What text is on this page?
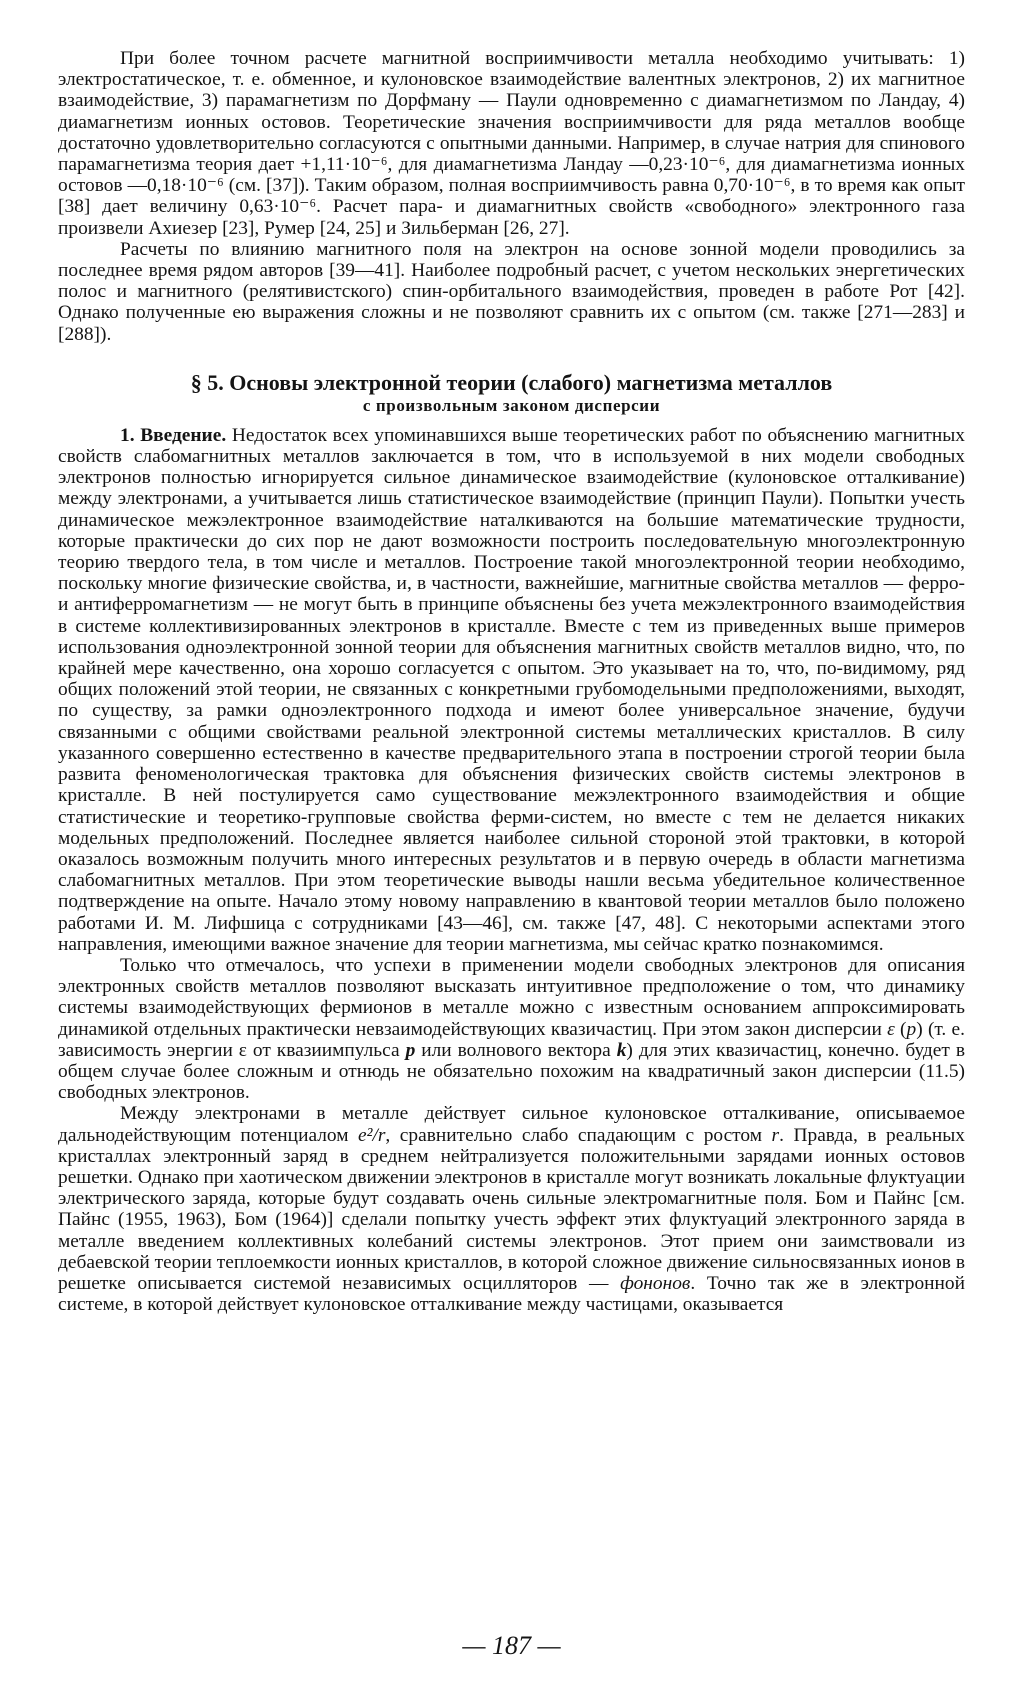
При более точном расчете магнитной восприимчивости металла необходимо учитывать: 1) электростатическое, т. е. обменное, и кулоновское взаимодействие валентных электронов, 2) их магнитное взаимодействие, 3) парамагнетизм по Дорфману — Паули одновременно с диамагнетизмом по Ландау, 4) диамагнетизм ионных остовов. Теоретические значения восприимчивости для ряда металлов вообще достаточно удовлетворительно согласуются с опытными данными. Например, в случае натрия для спинового парамагнетизма теория дает +1,11·10⁻⁶, для диамагнетизма Ландау —0,23·10⁻⁶, для диамагнетизма ионных остовов —0,18·10⁻⁶ (см. [37]). Таким образом, полная восприимчивость равна 0,70·10⁻⁶, в то время как опыт [38] дает величину 0,63·10⁻⁶. Расчет пара- и диамагнитных свойств «свободного» электронного газа произвели Ахиезер [23], Румер [24, 25] и Зильберман [26, 27].

Расчеты по влиянию магнитного поля на электрон на основе зонной модели проводились за последнее время рядом авторов [39—41]. Наиболее подробный расчет, с учетом нескольких энергетических полос и магнитного (релятивистского) спин-орбитального взаимодействия, проведен в работе Рот [42]. Однако полученные ею выражения сложны и не позволяют сравнить их с опытом (см. также [271—283] и [288]).

§ 5. Основы электронной теории (слабого) магнетизма металлов
с произвольным законом дисперсии

1. Введение. Недостаток всех упоминавшихся выше теоретических работ по объяснению магнитных свойств слабомагнитных металлов заключается в том, что в используемой в них модели свободных электронов полностью игнорируется сильное динамическое взаимодействие (кулоновское отталкивание) между электронами, а учитывается лишь статистическое взаимодействие (принцип Паули). Попытки учесть динамическое межэлектронное взаимодействие наталкиваются на большие математические трудности, которые практически до сих пор не дают возможности построить последовательную многоэлектронную теорию твердого тела, в том числе и металлов. Построение такой многоэлектронной теории необходимо, поскольку многие физические свойства, и, в частности, важнейшие, магнитные свойства металлов — ферро- и антиферромагнетизм — не могут быть в принципе объяснены без учета межэлектронного взаимодействия в системе коллективизированных электронов в кристалле. Вместе с тем из приведенных выше примеров использования одноэлектронной зонной теории для объяснения магнитных свойств металлов видно, что, по крайней мере качественно, она хорошо согласуется с опытом. Это указывает на то, что, по-видимому, ряд общих положений этой теории, не связанных с конкретными грубомодельными предположениями, выходят, по существу, за рамки одноэлектронного подхода и имеют более универсальное значение, будучи связанными с общими свойствами реальной электронной системы металлических кристаллов. В силу указанного совершенно естественно в качестве предварительного этапа в построении строгой теории была развита феноменологическая трактовка для объяснения физических свойств системы электронов в кристалле. В ней постулируется само существование межэлектронного взаимодействия и общие статистические и теоретико-групповые свойства ферми-систем, но вместе с тем не делается никаких модельных предположений. Последнее является наиболее сильной стороной этой трактовки, в которой оказалось возможным получить много интересных результатов и в первую очередь в области магнетизма слабомагнитных металлов. При этом теоретические выводы нашли весьма убедительное количественное подтверждение на опыте. Начало этому новому направлению в квантовой теории металлов было положено работами И. М. Лифшица с сотрудниками [43—46], см. также [47, 48]. С некоторыми аспектами этого направления, имеющими важное значение для теории магнетизма, мы сейчас кратко познакомимся.

Только что отмечалось, что успехи в применении модели свободных электронов для описания электронных свойств металлов позволяют высказать интуитивное предположение о том, что динамику системы взаимодействующих фермионов в металле можно с известным основанием аппроксимировать динамикой отдельных практически невзаимодействующих квазичастиц. При этом закон дисперсии ε (p) (т. е. зависимость энергии ε от квазиимпульса p или волнового вектора k) для этих квазичастиц, конечно. будет в общем случае более сложным и отнюдь не обязательно похожим на квадратичный закон дисперсии (11.5) свободных электронов.

Между электронами в металле действует сильное кулоновское отталкивание, описываемое дальнодействующим потенциалом e²/r, сравнительно слабо спадающим с ростом r. Правда, в реальных кристаллах электронный заряд в среднем нейтрализуется положительными зарядами ионных остовов решетки. Однако при хаотическом движении электронов в кристалле могут возникать локальные флуктуации электрического заряда, которые будут создавать очень сильные электромагнитные поля. Бом и Пайнс [см. Пайнс (1955, 1963), Бом (1964)] сделали попытку учесть эффект этих флуктуаций электронного заряда в металле введением коллективных колебаний системы электронов. Этот прием они заимствовали из дебаевской теории теплоемкости ионных кристаллов, в которой сложное движение сильносвязанных ионов в решетке описывается системой независимых осцилляторов — фононов. Точно так же в электронной системе, в которой действует кулоновское отталкивание между частицами, оказывается

— 187 —
